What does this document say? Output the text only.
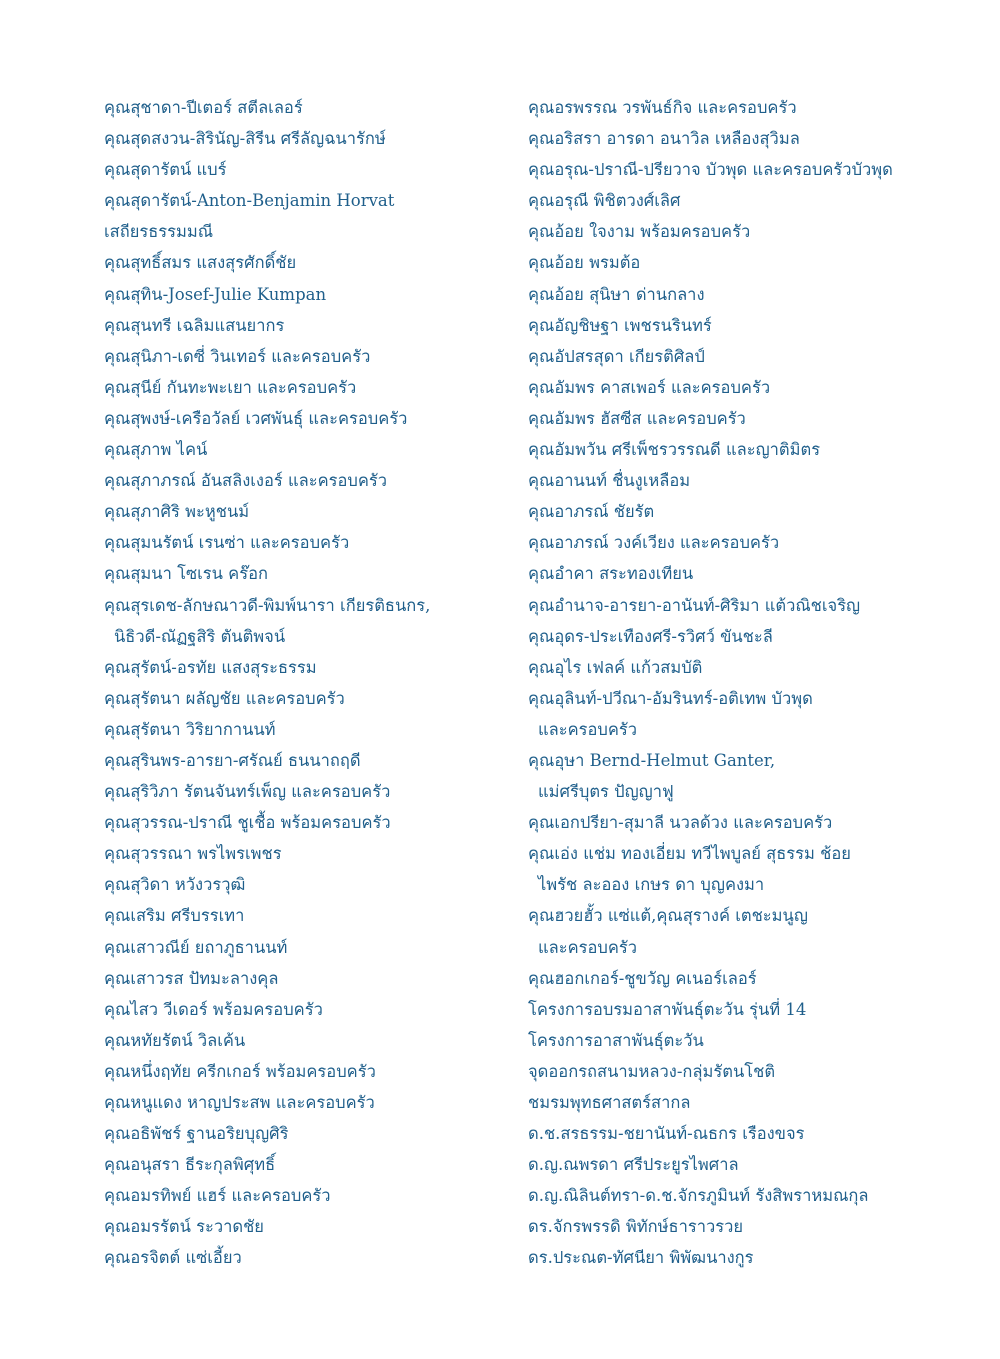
คุณสุชาดา-ปีเตอร์ สตีลเลอร์
คุณสุดสงวน-สิรินัญ-สิรีน ศรีลัญฉนารักษ์
คุณสุดารัตน์ แบร์
คุณสุดารัตน์-Anton-Benjamin Horvat
เสถียรธรรมมณี
คุณสุทธิ์สมร แสงสุรศักดิ์ชัย
คุณสุทิน-Josef-Julie Kumpan
คุณสุนทรี เฉลิมแสนยากร
คุณสุนิภา-เดซี่ วินเทอร์ และครอบครัว
คุณสุนีย์ กันทะพะเยา และครอบครัว
คุณสุพงษ์-เครือวัลย์ เวศพันธุ์ และครอบครัว
คุณสุภาพ ไคน์
คุณสุภาภรณ์ อันสลิงเงอร์ และครอบครัว
คุณสุภาศิริ พะหูชนม์
คุณสุมนรัตน์ เรนซ่า และครอบครัว
คุณสุมนา โซเรน คร๊อก
คุณสุรเดช-ลักษณาวดี-พิมพ์นารา เกียรติธนกร,
นิธิวดี-ณัฏฐสิริ ตันติพจน์
คุณสุรัตน์-อรทัย แสงสุระธรรม
คุณสุรัตนา ผลัญชัย และครอบครัว
คุณสุรัตนา วิริยากานนท์
คุณสุรินพร-อารยา-ศรัณย์ ธนนาถฤดี
คุณสุริวิภา รัตนจันทร์เพ็ญ และครอบครัว
คุณสุวรรณ-ปราณี ชูเชื้อ พร้อมครอบครัว
คุณสุวรรณา พรไพรเพชร
คุณสุวิดา หวังวรวุฒิ
คุณเสริม ศรีบรรเทา
คุณเสาวณีย์ ยถาภูธานนท์
คุณเสาวรส ปัทมะลางคุล
คุณไสว วีเดอร์ พร้อมครอบครัว
คุณหทัยรัตน์ วิลเค้น
คุณหนึ่งฤทัย ครีกเกอร์ พร้อมครอบครัว
คุณหนูแดง หาญประสพ และครอบครัว
คุณอธิพัชร์ ฐานอริยบุญศิริ
คุณอนุสรา ธีระกุลพิศุทธิ์
คุณอมรทิพย์ แฮร์ และครอบครัว
คุณอมรรัตน์ ระวาดชัย
คุณอรจิตต์ แซ่เอี้ยว
คุณอรพรรณ วรพันธ์กิจ และครอบครัว
คุณอริสรา อารดา อนาวิล เหลืองสุวิมล
คุณอรุณ-ปราณี-ปรียวาจ บัวพุด และครอบครัวบัวพุด
คุณอรุณี พิชิตวงศ์เลิศ
คุณอ้อย ใจงาม พร้อมครอบครัว
คุณอ้อย พรมต้อ
คุณอ้อย สุนิษา ด่านกลาง
คุณอัญชิษฐา เพชรนรินทร์
คุณอัปสรสุดา เกียรติศิลป์
คุณอัมพร คาสเพอร์ และครอบครัว
คุณอัมพร ฮัสซีส และครอบครัว
คุณอัมพวัน ศรีเพ็ชรวรรณดี และญาติมิตร
คุณอานนท์ ชื่นงูเหลือม
คุณอาภรณ์ ชัยรัต
คุณอาภรณ์ วงค์เวียง และครอบครัว
คุณอำคา สระทองเทียน
คุณอำนาจ-อารยา-อานันท์-ศิริมา แต้วณิชเจริญ
คุณอุดร-ประเทืองศรี-รวิศว์ ขันชะลี
คุณอุไร เฟลค์ แก้วสมบัติ
คุณอุลินท์-ปวีณา-อัมรินทร์-อติเทพ บัวพุด
และครอบครัว
คุณอุษา Bernd-Helmut Ganter,
แม่ศรีบุตร ปัญญาฟู
คุณเอกปรียา-สุมาลี นวลด้วง และครอบครัว
คุณเอ่ง แช่ม ทองเอี่ยม ทวีไพบูลย์ สุธรรม ช้อย
ไพรัช ละออง เกษร ดา บุญคงมา
คุณฮวยฮั้ว แซ่แต้,คุณสุรางค์ เตชะมนูญ
และครอบครัว
คุณฮอกเกอร์-ชูขวัญ คเนอร์เลอร์
โครงการอบรมอาสาพันธุ์ตะวัน รุ่นที่ 14
โครงการอาสาพันธุ์ตะวัน
จุดออกรถสนามหลวง-กลุ่มรัตนโชติ
ชมรมพุทธศาสตร์สากล
ด.ช.สรธรรม-ชยานันท์-ณธกร เรืองขจร
ด.ญ.ณพรดา ศรีประยูรไพศาล
ด.ญ.ณิลินต์ทรา-ด.ช.จักรภูมินท์ รังสิพราหมณกุล
ดร.จักรพรรดิ พิทักษ์ธาราวรวย
ดร.ประณต-ทัศนียา พิพัฒนางกูร
